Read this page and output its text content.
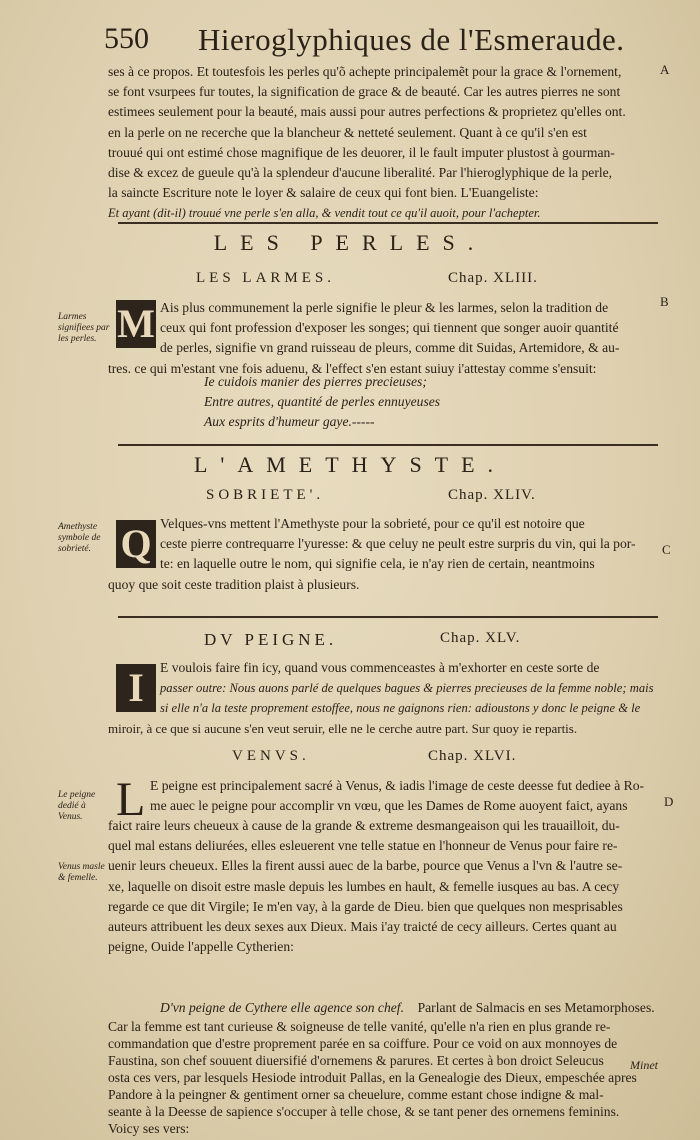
550 Hieroglyphiques de l'Esmeraude.
A
B
C
D

ses à ce propos. Et toutesfois les perles qu'õ achepte principalemẽt pour la grace & l'ornement,

se font vsurpees fur toutes, la signification de grace & de beauté. Car les autres pierres ne sont

estimees seulement pour la beauté, mais aussi pour autres perfections & proprietez qu'elles ont.

en la perle on ne recerche que la blancheur & netteté seulement. Quant à ce qu'il s'en est

trouué qui ont estimé chose magnifique de les deuorer, il le fault imputer plustost à gourman-

dise & excez de gueule qu'à la splendeur d'aucune liberalité. Par l'hieroglyphique de la perle,

la saincte Escriture note le loyer & salaire de ceux qui font bien. L'Euangeliste:

Et ayant (dit-il) trouué vne perle s'en alla, & vendit tout ce qu'il auoit, pour l'achepter.

LES PERLES.
LES LARMES.	Chap. XLIII.
Larmes signifiees par les perles. M Ais plus communement la perle signifie le pleur & les larmes, selon la tradition de

ceux qui font profession d'exposer les songes; qui tiennent que songer auoir quantité

de perles, signifie vn grand ruisseau de pleurs, comme dit Suidas, Artemidore, & au-

tres. ce qui m'estant vne fois aduenu, & l'effect s'en estant suiuy i'attestay comme s'ensuit:

Ie cuidois manier des pierres precieuses;
Entre autres, quantité de perles ennuyeuses
Aux esprits d'humeur gaye.-----
L'AMETHYSTE.
SOBRIETE'.	Chap. XLIV.
Amethyste symbole de sobrieté. Q Velques-vns mettent l'Amethyste pour la sobrieté, pour ce qu'il est notoire que

ceste pierre contrequarre l'yuresse: & que celuy ne peult estre surpris du vin, qui la por-

te: en laquelle outre le nom, qui signifie cela, ie n'ay rien de certain, neantmoins

quoy que soit ceste tradition plaist à plusieurs.

DV PEIGNE.	Chap. XLV.
I	E voulois faire fin icy, quand vous commenceastes à m'exhorter en ceste sorte de

passer outre: Nous auons parlé de quelques bagues & pierres precieuses de la femme noble; mais

si elle n'a la teste proprement estoffee, nous ne gaignons rien: adioustons y donc le peigne & le

miroir, à ce que si aucune s'en veut seruir, elle ne le cerche autre part. Sur quoy ie repartis.

VENVS.	Chap. XLVI.
Le peigne dedié à Venus.
Venus masle & femelle.
L E peigne est principalement sacré à Venus, & iadis l'image de ceste deesse fut dediee à Ro-

me auec le peigne pour accomplir vn vœu, que les Dames de Rome auoyent faict, ayans

faict raire leurs cheueux à cause de la grande & extreme desmangeaison qui les trauailloit, du-

quel mal estans deliurées, elles esleuerent vne telle statue en l'honneur de Venus pour faire re-

uenir leurs cheueux. Elles la firent aussi auec de la barbe, pource que Venus a l'vn & l'autre se-

xe, laquelle on disoit estre masle depuis les lumbes en hault, & femelle iusques au bas. A cecy

regarde ce que dit Virgile; Ie m'en vay, à la garde de Dieu. bien que quelques non mesprisables

auteurs attribuent les deux sexes aux Dieux. Mais i'ay traicté de cecy ailleurs. Certes quant au

peigne, Ouide l'appelle Cytherien:

D'vn peigne de Cythere elle agence son chef. Parlant de Salmacis en ses Metamorphoses.

Car la femme est tant curieuse & soigneuse de telle vanité, qu'elle n'a rien en plus grande re-

commandation que d'estre proprement parée en sa coiffure. Pour ce void on aux monnoyes de

Faustina, son chef souuent diuersifié d'ornemens & parures. Et certes à bon droict Seleucus

osta ces vers, par lesquels Hesiode introduit Pallas, en la Genealogie des Dieux, empeschée apres

Pandore à la peingner & gentiment orner sa cheuelure, comme estant chose indigne & mal-

seante à la Deesse de sapience s'occuper à telle chose, & se tant pener des ornemens feminins.

Voicy ses vers:

Minet
